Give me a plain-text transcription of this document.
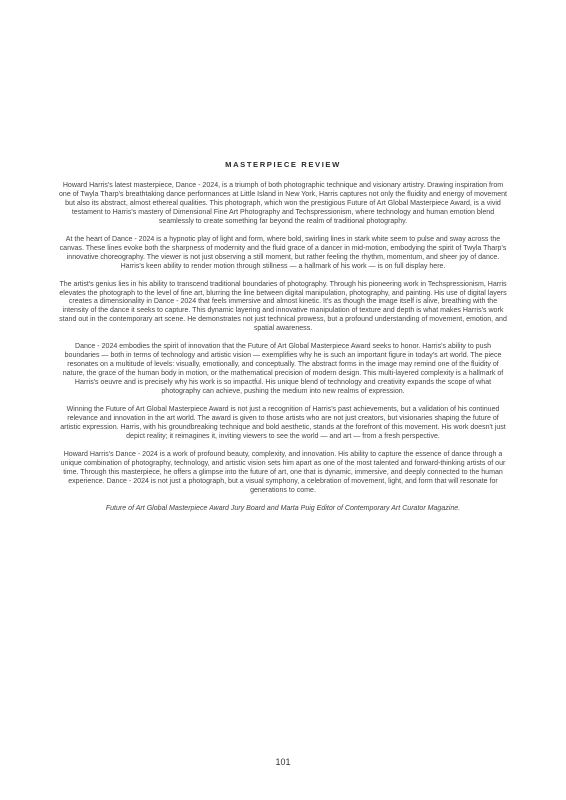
MASTERPIECE REVIEW

Howard Harris's latest masterpiece, Dance - 2024, is a triumph of both photographic technique and visionary artistry. Drawing inspiration from one of Twyla Tharp's breathtaking dance performances at Little Island in New York, Harris captures not only the fluidity and energy of movement but also its abstract, almost ethereal qualities. This photograph, which won the prestigious Future of Art Global Masterpiece Award, is a vivid testament to Harris's mastery of Dimensional Fine Art Photography and Techspressionism, where technology and human emotion blend seamlessly to create something far beyond the realm of traditional photography.

At the heart of Dance - 2024 is a hypnotic play of light and form, where bold, swirling lines in stark white seem to pulse and sway across the canvas. These lines evoke both the sharpness of modernity and the fluid grace of a dancer in mid-motion, embodying the spirit of Twyla Tharp's innovative choreography. The viewer is not just observing a still moment, but rather feeling the rhythm, momentum, and sheer joy of dance. Harris's keen ability to render motion through stillness — a hallmark of his work — is on full display here.

The artist's genius lies in his ability to transcend traditional boundaries of photography. Through his pioneering work in Techspressionism, Harris elevates the photograph to the level of fine art, blurring the line between digital manipulation, photography, and painting. His use of digital layers creates a dimensionality in Dance - 2024 that feels immersive and almost kinetic. It's as though the image itself is alive, breathing with the intensity of the dance it seeks to capture. This dynamic layering and innovative manipulation of texture and depth is what makes Harris's work stand out in the contemporary art scene. He demonstrates not just technical prowess, but a profound understanding of movement, emotion, and spatial awareness.

Dance - 2024 embodies the spirit of innovation that the Future of Art Global Masterpiece Award seeks to honor. Harris's ability to push boundaries — both in terms of technology and artistic vision — exemplifies why he is such an important figure in today's art world. The piece resonates on a multitude of levels: visually, emotionally, and conceptually. The abstract forms in the image may remind one of the fluidity of nature, the grace of the human body in motion, or the mathematical precision of modern design. This multi-layered complexity is a hallmark of Harris's oeuvre and is precisely why his work is so impactful. His unique blend of technology and creativity expands the scope of what photography can achieve, pushing the medium into new realms of expression.

Winning the Future of Art Global Masterpiece Award is not just a recognition of Harris's past achievements, but a validation of his continued relevance and innovation in the art world. The award is given to those artists who are not just creators, but visionaries shaping the future of artistic expression. Harris, with his groundbreaking technique and bold aesthetic, stands at the forefront of this movement. His work doesn't just depict reality; it reimagines it, inviting viewers to see the world — and art — from a fresh perspective.

Howard Harris's Dance - 2024 is a work of profound beauty, complexity, and innovation. His ability to capture the essence of dance through a unique combination of photography, technology, and artistic vision sets him apart as one of the most talented and forward-thinking artists of our time. Through this masterpiece, he offers a glimpse into the future of art, one that is dynamic, immersive, and deeply connected to the human experience. Dance - 2024 is not just a photograph, but a visual symphony, a celebration of movement, light, and form that will resonate for generations to come.

Future of Art Global Masterpiece Award Jury Board and Marta Puig Editor of Contemporary Art Curator Magazine.

101
